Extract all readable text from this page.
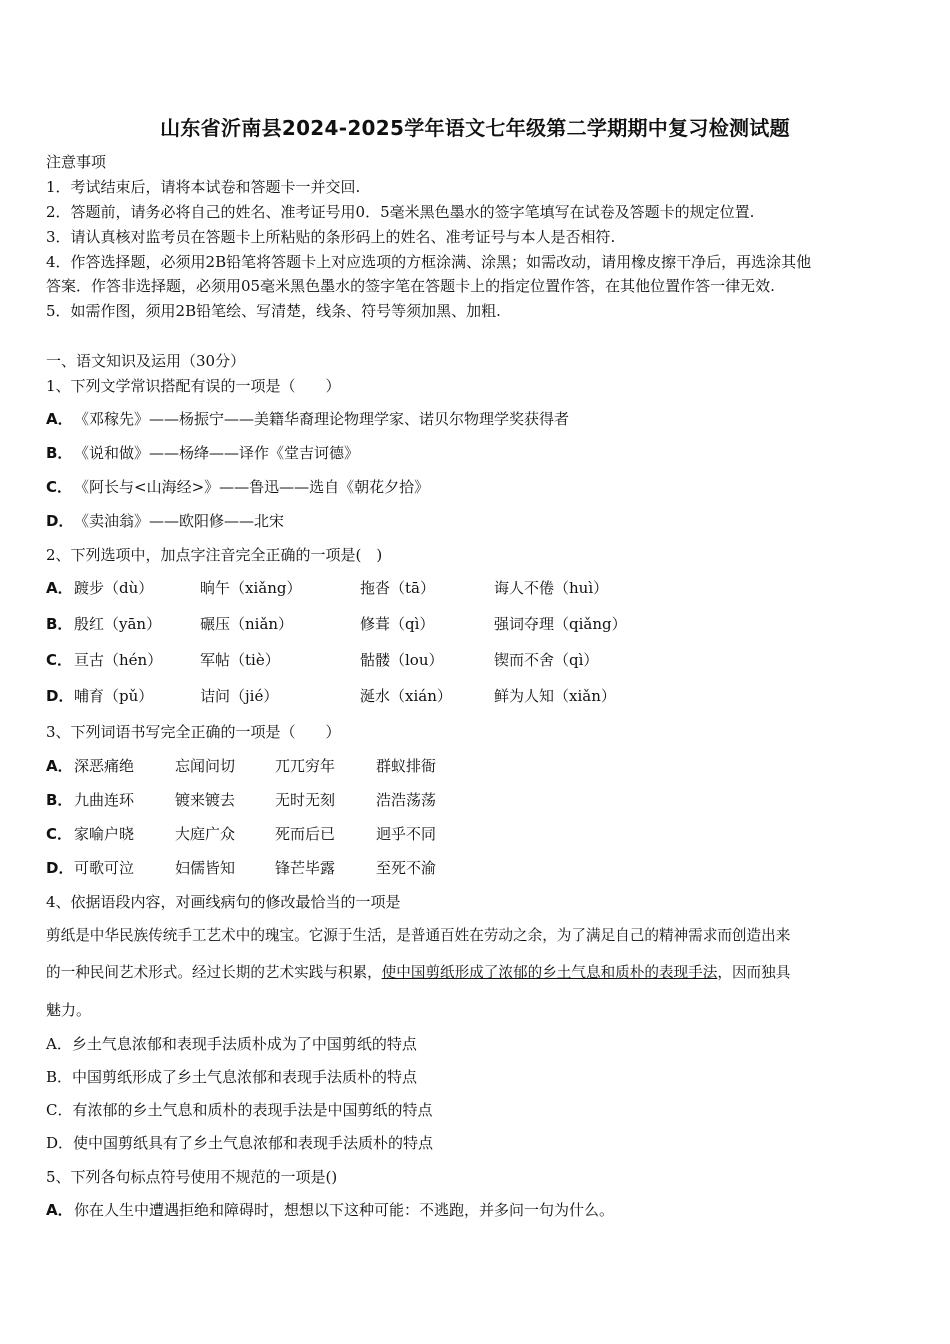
山东省沂南县2024-2025学年语文七年级第二学期期中复习检测试题
注意事项
1．考试结束后，请将本试卷和答题卡一并交回.
2．答题前，请务必将自己的姓名、准考证号用0．5毫米黑色墨水的签字笔填写在试卷及答题卡的规定位置.
3．请认真核对监考员在答题卡上所粘贴的条形码上的姓名、准考证号与本人是否相符.
4．作答选择题，必须用2B铅笔将答题卡上对应选项的方框涂满、涂黑；如需改动，请用橡皮擦干净后，再选涂其他
答案．作答非选择题，必须用05毫米黑色墨水的签字笔在答题卡上的指定位置作答，在其他位置作答一律无效.
5．如需作图，须用2B铅笔绘、写清楚，线条、符号等须加黑、加粗.
一、语文知识及运用（30分）
1、下列文学常识搭配有误的一项是（　　）
A．《邓稼先》——杨振宁——美籍华裔理论物理学家、诺贝尔物理学奖获得者
B． 《说和做》——杨绛——译作《堂吉诃德》
C． 《阿长与<山海经>》——鲁迅——选自《朝花夕拾》
D．《卖油翁》——欧阳修——北宋
2、下列选项中，加点字注音完全正确的一项是(　)
A． 踱步（dù）	晌午（xiǎng）	拖沓（tā）	诲人不倦（huì）
B． 殷红（yān）	碾压（niǎn）	修葺（qì）	强词夺理（qiǎng）
C． 亘古（hén）	军帖（tiè）	骷髅（lou）	锲而不舍（qì）
D． 哺育（pǔ）	诘问（jié）	涎水（xián）	鲜为人知（xiǎn）
3、下列词语书写完全正确的一项是（　　）
A． 深恶痛绝	忘闻问切	兀兀穷年	群蚁排衙
B． 九曲连环	镀来镀去	无时无刻	浩浩荡荡
C． 家喻户晓	大庭广众	死而后已	迥乎不同
D． 可歌可泣	妇儒皆知	锋芒毕露	至死不渝
4、依据语段内容，对画线病句的修改最恰当的一项是
剪纸是中华民族传统手工艺术中的瑰宝。它源于生活，是普通百姓在劳动之余，为了满足自己的精神需求而创造出来
的一种民间艺术形式。经过长期的艺术实践与积累，使中国剪纸形成了浓郁的乡土气息和质朴的表现手法，因而独具
魅力。
A．乡土气息浓郁和表现手法质朴成为了中国剪纸的特点
B．中国剪纸形成了乡土气息浓郁和表现手法质朴的特点
C．有浓郁的乡土气息和质朴的表现手法是中国剪纸的特点
D．使中国剪纸具有了乡土气息浓郁和表现手法质朴的特点
5、下列各句标点符号使用不规范的一项是()
A．你在人生中遭遇拒绝和障碍时，想想以下这种可能：不逃跑，并多问一句为什么。
